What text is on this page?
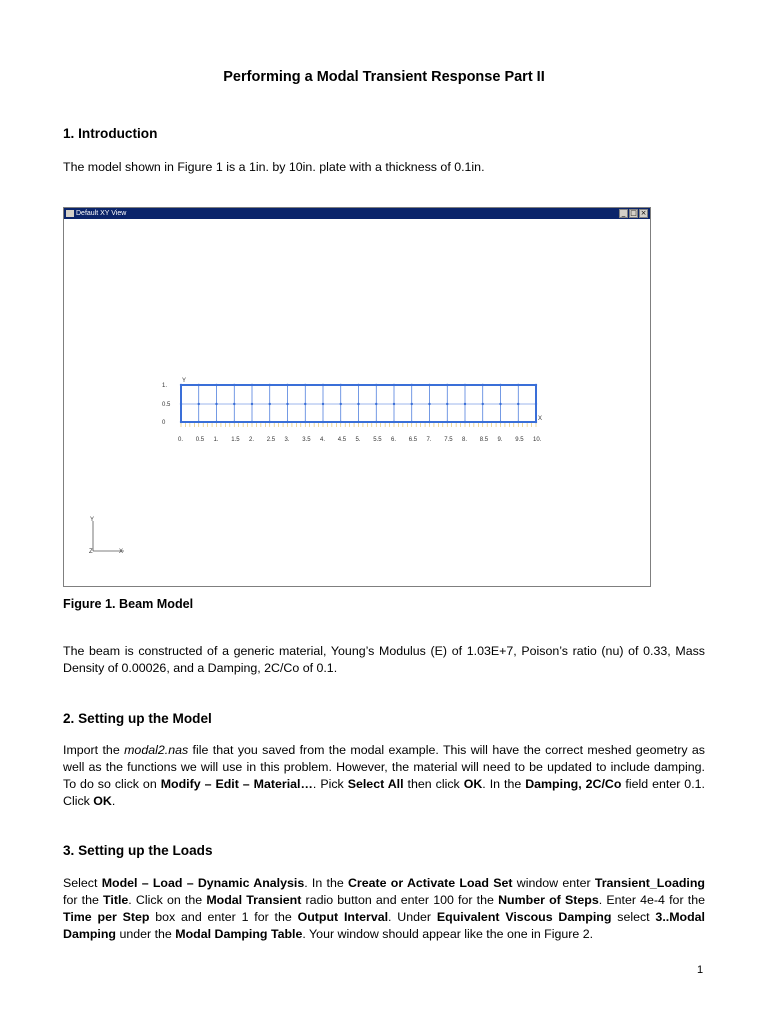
Performing a Modal Transient Response Part II
1. Introduction
The model shown in Figure 1 is a 1in. by 10in. plate with a thickness of 0.1in.
Default XY View	_ □ ×
0. 0.5 1. 1.5 2. 2.5 3. 3.5 4. 4.5 5. 5.5 6. 6.5 7. 7.5 8. 8.5 9. 9.5 10.
1.
0.5
0
Y
X
Y
X
Z
Figure 1. Beam Model
The beam is constructed of a generic material, Young’s Modulus (E) of 1.03E+7, Poison’s ratio (nu) of 0.33, Mass Density of 0.00026, and a Damping, 2C/Co of 0.1.
2. Setting up the Model
Import the modal2.nas file that you saved from the modal example. This will have the correct meshed geometry as well as the functions we will use in this problem. However, the material will need to be updated to include damping. To do so click on Modify – Edit – Material…. Pick Select All then click OK. In the Damping, 2C/Co field enter 0.1. Click OK.
3. Setting up the Loads
Select Model – Load – Dynamic Analysis. In the Create or Activate Load Set window enter Transient_Loading for the Title. Click on the Modal Transient radio button and enter 100 for the Number of Steps. Enter 4e-4 for the Time per Step box and enter 1 for the Output Interval. Under Equivalent Viscous Damping select 3..Modal Damping under the Modal Damping Table. Your window should appear like the one in Figure 2.
1
